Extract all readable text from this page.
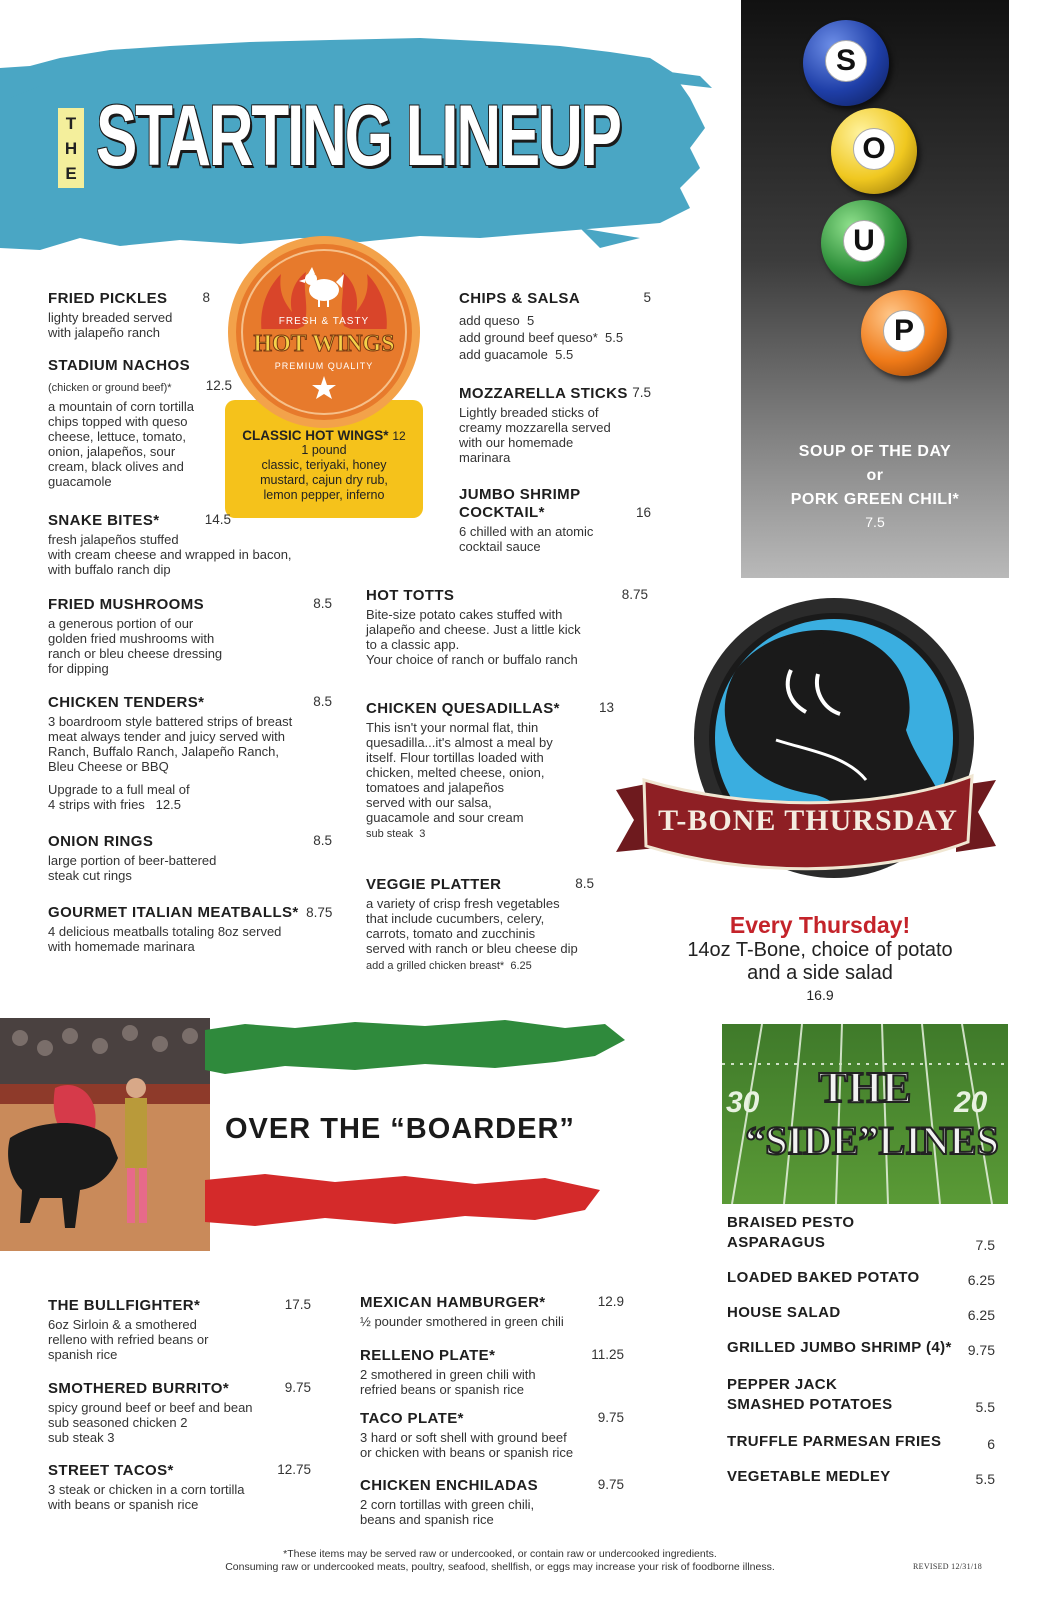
T
H
E STARTING LINEUP
FRESH & TASTY
HOT WINGS
PREMIUM QUALITY
CLASSIC HOT WINGS* 12
1 pound
classic, teriyaki, honey
mustard, cajun dry rub,
lemon pepper, inferno
FRIED PICKLES	8
lighty breaded served
with jalapeño ranch
STADIUM NACHOS
(chicken or ground beef)*	12.5
a mountain of corn tortilla
chips topped with queso
cheese, lettuce, tomato,
onion, jalapeños, sour
cream, black olives and
guacamole
SNAKE BITES*	14.5
fresh jalapeños stuffed
with cream cheese and wrapped in bacon,
with buffalo ranch dip
FRIED MUSHROOMS	8.5
a generous portion of our
golden fried mushrooms with
ranch or bleu cheese dressing
for dipping
CHICKEN TENDERS*	8.5
3 boardroom style battered strips of breast
meat always tender and juicy served with
Ranch, Buffalo Ranch, Jalapeño Ranch,
Bleu Cheese or BBQ
Upgrade to a full meal of
4 strips with fries 12.5
ONION RINGS	8.5
large portion of beer-battered
steak cut rings
GOURMET ITALIAN MEATBALLS* 8.75
4 delicious meatballs totaling 8oz served
with homemade marinara
CHIPS & SALSA	5
add queso 5
add ground beef queso* 5.5
add guacamole 5.5
MOZZARELLA STICKS 7.5
Lightly breaded sticks of
creamy mozzarella served
with our homemade
marinara
JUMBO SHRIMP
COCKTAIL*	16
6 chilled with an atomic
cocktail sauce
HOT TOTTS	8.75
Bite-size potato cakes stuffed with
jalapeño and cheese. Just a little kick
to a classic app.
Your choice of ranch or buffalo ranch
CHICKEN QUESADILLAS*	13
This isn't your normal flat, thin
quesadilla...it's almost a meal by
itself. Flour tortillas loaded with
chicken, melted cheese, onion,
tomatoes and jalapeños
served with our salsa,
guacamole and sour cream
sub steak 3
VEGGIE PLATTER	8.5
a variety of crisp fresh vegetables
that include cucumbers, celery,
carrots, tomato and zucchinis
served with ranch or bleu cheese dip
add a grilled chicken breast* 6.25
S
O
U
P
SOUP OF THE DAY
or
PORK GREEN CHILI*
7.5
T-BONE THURSDAY
Every Thursday!
14oz T-Bone, choice of potato
and a side salad
16.9
OVER THE “BOARDER”
THE BULLFIGHTER*	17.5
6oz Sirloin & a smothered
relleno with refried beans or
spanish rice
SMOTHERED BURRITO*	9.75
spicy ground beef or beef and bean
sub seasoned chicken 2
sub steak 3
STREET TACOS*	12.75
3 steak or chicken in a corn tortilla
with beans or spanish rice
MEXICAN HAMBURGER*	12.9
½ pounder smothered in green chili
RELLENO PLATE*	11.25
2 smothered in green chili with
refried beans or spanish rice
TACO PLATE*	9.75
3 hard or soft shell with ground beef
or chicken with beans or spanish rice
CHICKEN ENCHILADAS	9.75
2 corn tortillas with green chili,
beans and spanish rice
30	20
THE
“SIDE”LINES
BRAISED PESTO
ASPARAGUS	7.5
LOADED BAKED POTATO	6.25
HOUSE SALAD	6.25
GRILLED JUMBO SHRIMP (4)*	9.75
PEPPER JACK
SMASHED POTATOES	5.5
TRUFFLE PARMESAN FRIES	6
VEGETABLE MEDLEY	5.5
*These items may be served raw or undercooked, or contain raw or undercooked ingredients.
Consuming raw or undercooked meats, poultry, seafood, shellfish, or eggs may increase your risk of foodborne illness.	REVISED 12/31/18
